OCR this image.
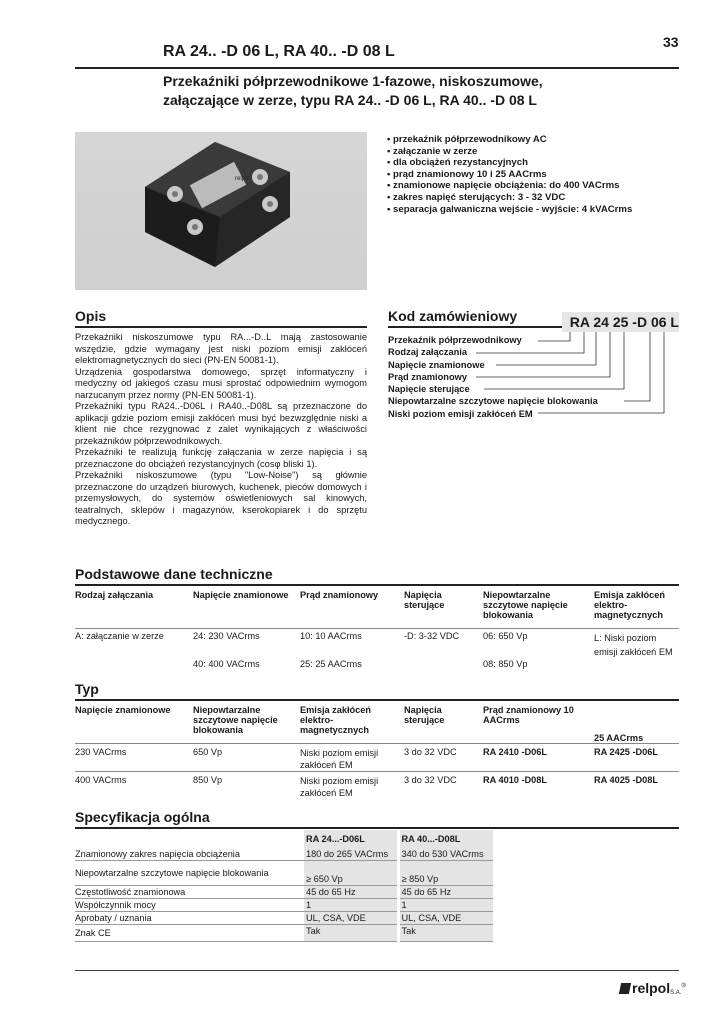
33
RA 24.. -D 06 L, RA 40.. -D 08 L
Przekaźniki półprzewodnikowe 1-fazowe, niskoszumowe,
załączające w zerze, typu RA 24.. -D 06 L, RA 40.. -D 08 L
relpol
• przekaźnik półprzewodnikowy AC
• załączanie w zerze
• dla obciążeń rezystancyjnych
• prąd znamionowy 10 i 25 AACrms
• znamionowe napięcie obciążenia: do 400 VACrms
• zakres napięć sterujących: 3 - 32 VDC
• separacja galwaniczna wejście - wyjście: 4 kVACrms
Opis

Przekaźniki niskoszumowe typu RA...-D..L mają zastosowanie wszędzie, gdzie wymagany jest niski poziom emisji zakłóceń elektromagnetycznych do sieci (PN-EN 50081-1).

Urządzenia gospodarstwa domowego, sprzęt informatyczny i medyczny od jakiegoś czasu musi sprostać odpowiednim wymogom narzucanym przez normy (PN-EN 50081-1).

Przekaźniki typu RA24..-D06L i RA40..-D08L są przeznaczone do aplikacji gdzie poziom emisji zakłóceń musi być bezwzględnie niski a klient nie chce rezygnować z zalet wynikających z właściwości przekaźników półprzewodnikowych.

Przekaźniki te realizują funkcję załączania w zerze napięcia i są przeznaczone do obciążeń rezystancyjnych (cosφ bliski 1).

Przekaźniki niskoszumowe (typu "Low-Noise") są głównie przeznaczone do urządzeń biurowych, kuchenek, pieców domowych i przemysłowych, do systemów oświetleniowych sal kinowych, teatralnych, sklepów i magazynów, kserokopiarek i do sprzętu medycznego.

Kod zamówieniowy	RA 24 25 -D 06 L
Przekaźnik półprzewodnikowy
Rodzaj załączania
Napięcie znamionowe
Prąd znamionowy
Napięcie sterujące
Niepowtarzalne szczytowe napięcie blokowania
Niski poziom emisji zakłóceń EM
Podstawowe dane techniczne
Rodzaj załączania	Napięcie znamionowe	Prąd znamionowy	Napięcia sterujące	Niepowtarzalne szczytowe napięcie blokowania	Emisja zakłóceń elektro- magnetycznych
A: załączanie w zerze	24: 230 VACrms	10: 10 AACrms	-D: 3-32 VDC	06: 650 Vp	L: Niski poziom emisji zakłóceń EM
	40: 400 VACrms	25: 25 AACrms		08: 850 Vp	
Typ
Napięcie znamionowe	Niepowtarzalne szczytowe napięcie blokowania	Emisja zakłóceń elektro- magnetycznych	Napięcia sterujące	Prąd znamionowy 10 AACrms	25 AACrms
230 VACrms	650 Vp	Niski poziom emisji zakłóceń EM	3 do 32 VDC	RA 2410 -D06L	RA 2425 -D06L
400 VACrms	850 Vp	Niski poziom emisji zakłóceń EM	3 do 32 VDC	RA 4010 -D08L	RA 4025 -D08L
Specyfikacja ogólna
	RA 24...-D06L	RA 40...-D08L
Znamionowy zakres napięcia obciążenia	180 do 265 VACrms	340 do 530 VACrms
Niepowtarzalne szczytowe napięcie blokowania	≥ 650 Vp	≥ 850 Vp
Częstotliwość znamionowa	45 do 65 Hz	45 do 65 Hz
Współczynnik mocy	1	1
Aprobaty / uznania	UL, CSA, VDE	UL, CSA, VDE
Znak CE	Tak	Tak
relpolS.A.®
